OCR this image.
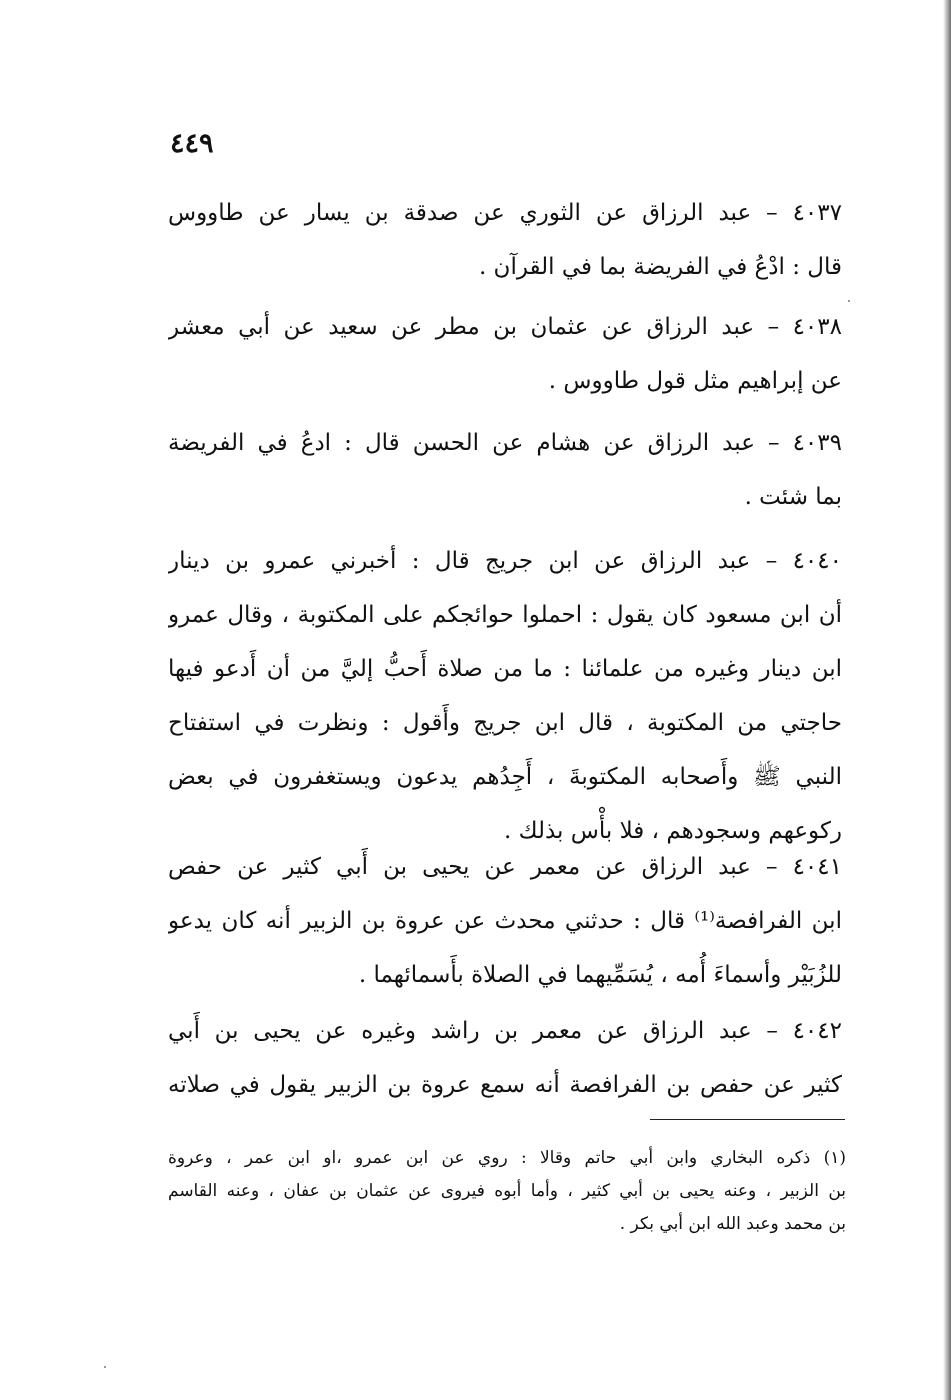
٤٤٩
٤٠٣٧ – عبد الرزاق عن الثوري عن صدقة بن يسار عن طاووس
قال : ادْعُ في الفريضة بما في القرآن .
٤٠٣٨ – عبد الرزاق عن عثمان بن مطر عن سعيد عن أبي معشر
عن إبراهيم مثل قول طاووس .
٤٠٣٩ – عبد الرزاق عن هشام عن الحسن قال : ادعُ في الفريضة
بما شئت .
٤٠٤٠ – عبد الرزاق عن ابن جريج قال : أخبرني عمرو بن دينار
أن ابن مسعود كان يقول : احملوا حوائجكم على المكتوبة ، وقال عمرو
ابن دينار وغيره من علمائنا : ما من صلاة أَحبُّ إليَّ من أن أَدعو فيها
حاجتي من المكتوبة ، قال ابن جريج وأَقول : ونظرت في استفتاح
النبي ﷺ وأَصحابه المكتوبةَ ، أَجِدُهم يدعون ويستغفرون في بعض
ركوعهم وسجودهم ، فلا بأْس بذلك .
٤٠٤١ – عبد الرزاق عن معمر عن يحيى بن أَبي كثير عن حفص
ابن الفرافصة⁽¹⁾ قال : حدثني محدث عن عروة بن الزبير أنه كان يدعو
للزُبَيْر وأسماءَ أُمه ، يُسَمِّيهما في الصلاة بأَسمائهما .
٤٠٤٢ – عبد الرزاق عن معمر بن راشد وغيره عن يحيى بن أَبي
كثير عن حفص بن الفرافصة أنه سمع عروة بن الزبير يقول في صلاته
(١) ذكره البخاري وابن أبي حاتم وقالا : روي عن ابن عمرو ،او ابن عمر ، وعروة
بن الزبير ، وعنه يحيى بن أبي كثير ، وأما أبوه فيروى عن عثمان بن عفان ، وعنه القاسم
بن محمد وعبد الله ابن أبي بكر .
